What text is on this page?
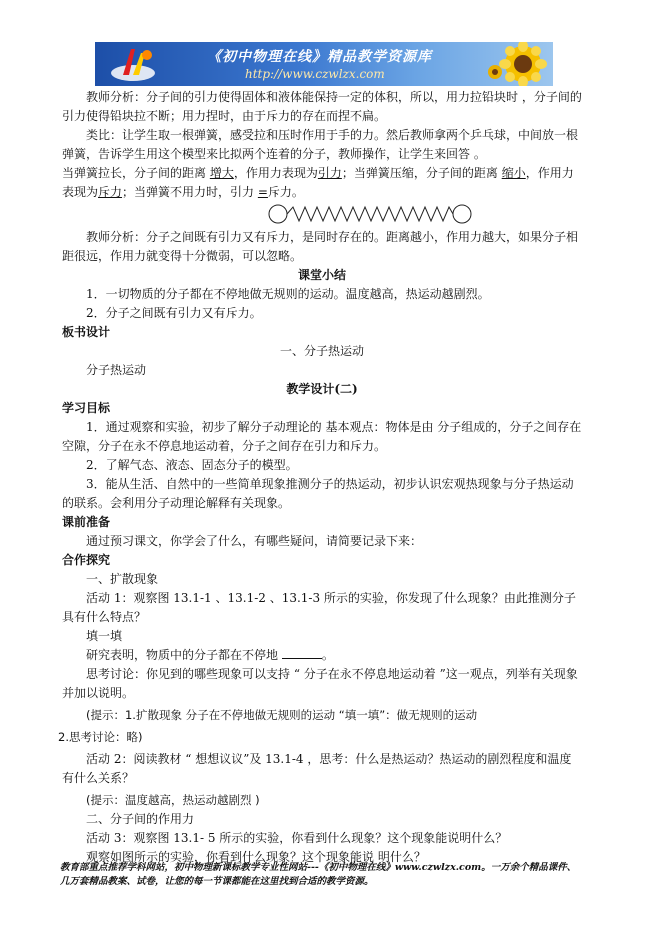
《初中物理在线》精品教学资源库
http://www.czwlzx.com

教师分析：分子间的引力使得固体和液体能保持一定的体积，所以，用力拉铅块时 ，分子间的引力使得铅块拉不断；用力捏时，由于斥力的存在而捏不扁。

类比：让学生取一根弹簧，感受拉和压时作用于手的力。然后教师拿两个乒乓球，中间放一根弹簧，告诉学生用这个模型来比拟两个连着的分子，教师操作，让学生来回答 。

当弹簧拉长，分子间的距离 增大，作用力表现为引力；当弹簧压缩，分子间的距离 缩小，作用力表现为斥力；当弹簧不用力时，引力 =斥力。

教师分析：分子之间既有引力又有斥力，是同时存在的。距离越小，作用力越大，如果分子相距很远，作用力就变得十分微弱，可以忽略。

课堂小结

1．一切物质的分子都在不停地做无规则的运动。温度越高，热运动越剧烈。

2．分子之间既有引力又有斥力。

板书设计

一、分子热运动

分子热运动

教学设计(二)

学习目标

1．通过观察和实验，初步了解分子动理论的 基本观点：物体是由 分子组成的，分子之间存在空隙，分子在永不停息地运动着，分子之间存在引力和斥力。

2．了解气态、液态、固态分子的模型。

3．能从生活、自然中的一些简单现象推测分子的热运动，初步认识宏观热现象与分子热运动的联系。会利用分子动理论解释有关现象。

课前准备

通过预习课文，你学会了什么，有哪些疑问，请简要记录下来：

合作探究

一、扩散现象

活动 1：观察图 13.1-1 、13.1-2 、13.1-3 所示的实验，你发现了什么现象？由此推测分子具有什么特点？

填一填

研究表明，物质中的分子都在不停地	。

思考讨论：你见到的哪些现象可以支持 “ 分子在永不停息地运动着 ”这一观点，列举有关现象并加以说明。

(提示：1.扩散现象 分子在不停地做无规则的运动 “填一填”：做无规则的运动

2.思考讨论：略)

活动 2：阅读教材 “ 想想议议”及 13.1-4 ，思考：什么是热运动？热运动的剧烈程度和温度有什么关系？

(提示：温度越高，热运动越剧烈 )

二、分子间的作用力

活动 3：观察图 13.1- 5 所示的实验，你看到什么现象？这个现象能说明什么？

观察如图所示的实验，你看到什么现象？这个现象能说 明什么？

教育部重点推荐学科网站，初中物理新课标教学专业性网站---《初中物理在线》www.czwlzx.com。一万余个精品课件、
几万套精品教案、试卷，让您的每一节课都能在这里找到合适的教学资源。
